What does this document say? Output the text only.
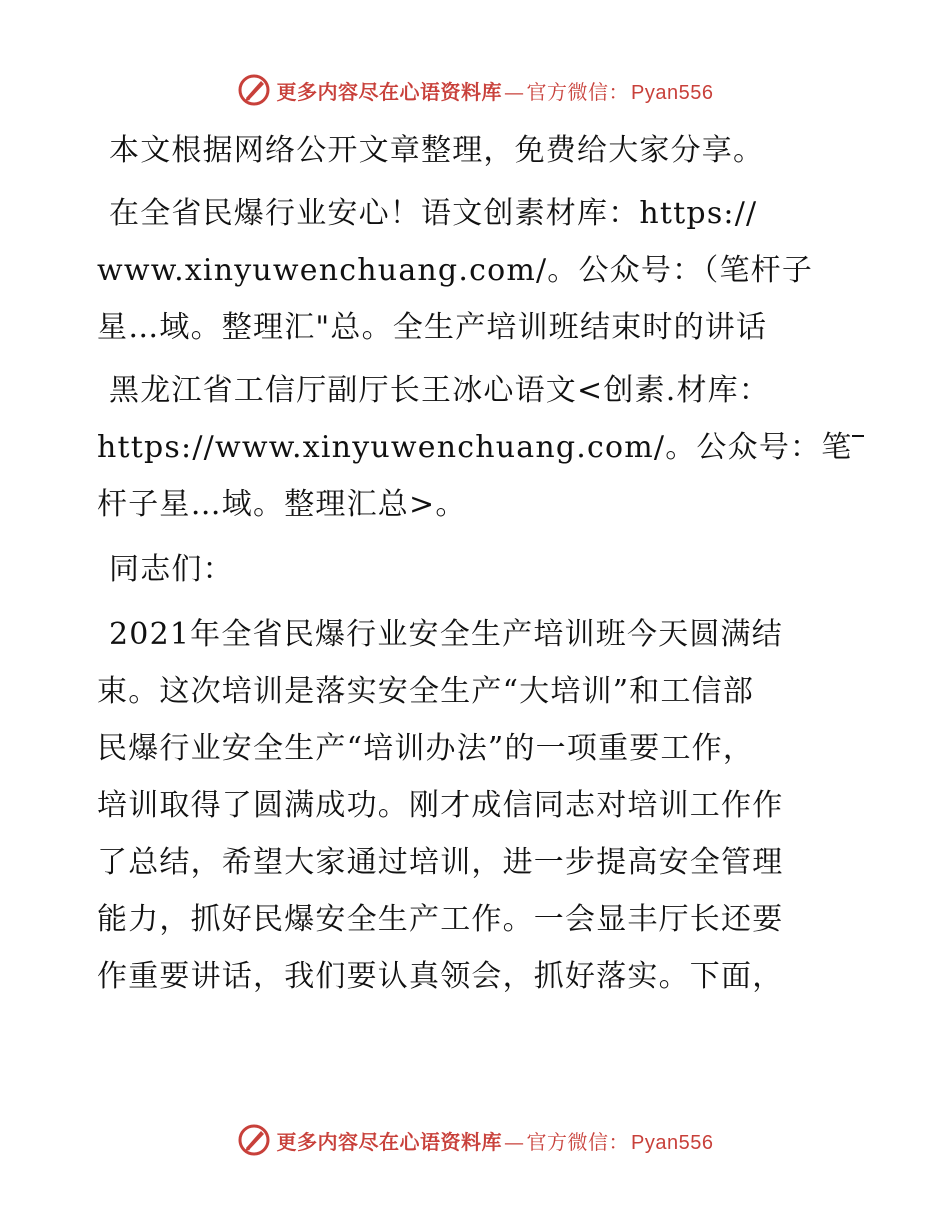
更多内容尽在心语资料库 — 官方微信： Pyan556

本文根据网络公开文章整理，免费给大家分享。

在全省民爆行业安心！语文创素材库：https://
www.xinyuwenchuang.com/。公众号：（笔杆子
星…域。整理汇"总。全生产培训班结束时的讲话

黑龙江省工信厅副厅长王冰心语文<创素.材库：
https://www.xinyuwenchuang.com/。公众号：笔
杆子星…域。整理汇总>。

同志们：

2021年全省民爆行业安全生产培训班今天圆满结
束。这次培训是落实安全生产“大培训”和工信部
民爆行业安全生产“培训办法”的一项重要工作，
培训取得了圆满成功。刚才成信同志对培训工作作
了总结，希望大家通过培训，进一步提高安全管理
能力，抓好民爆安全生产工作。一会显丰厅长还要
作重要讲话，我们要认真领会，抓好落实。下面，

更多内容尽在心语资料库 — 官方微信： Pyan556
